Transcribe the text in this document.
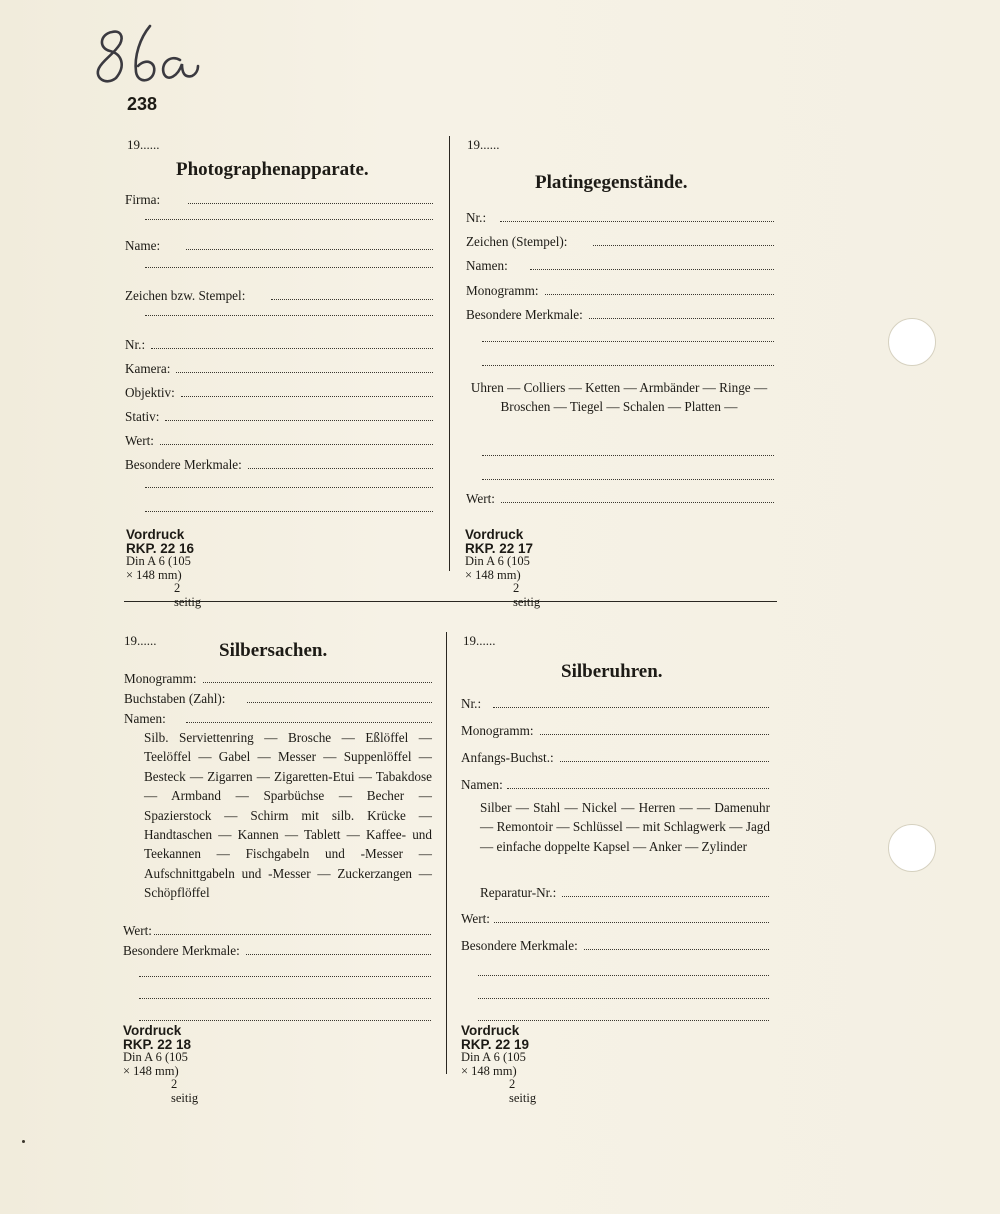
238
19......
Photographenapparate.
Firma:
Name:
Zeichen bzw. Stempel:
Nr.:
Kamera:
Objektiv:
Stativ:
Wert:
Besondere Merkmale:
Vordruck RKP. 22 16
Din A 6 (105 × 148 mm)
2 seitig
19......
Platingegenstände.
Nr.:
Zeichen (Stempel):
Namen:
Monogramm:
Besondere Merkmale:
Uhren — Colliers — Ketten — Armbänder — Ringe — Broschen — Tiegel — Schalen — Platten —
Wert:
Vordruck RKP. 22 17
Din A 6 (105 × 148 mm)
2 seitig
19......	Silbersachen.
Monogramm:
Buchstaben (Zahl):
Namen:
Silb. Serviettenring — Brosche — Eßlöffel — Teelöffel — Gabel — Messer — Suppenlöffel — Besteck — Zigarren — Zigaretten-Etui — Tabakdose — Armband — Sparbüchse — Becher — Spazierstock — Schirm mit silb. Krücke — Handtaschen — Kannen — Tablett — Kaffee- und Teekannen — Fischgabeln und -Messer — Aufschnittgabeln und -Messer — Zuckerzangen — Schöpflöffel
Wert:
Besondere Merkmale:
Vordruck RKP. 22 18
Din A 6 (105 × 148 mm)
2 seitig
19......
Silberuhren.
Nr.:
Monogramm:
Anfangs-Buchst.:
Namen:
Silber — Stahl — Nickel — Herren — — Damenuhr — Remontoir — Schlüssel — mit Schlagwerk — Jagd — einfache doppelte Kapsel — Anker — Zylinder
Reparatur-Nr.:
Wert:
Besondere Merkmale:
Vordruck RKP. 22 19
Din A 6 (105 × 148 mm)
2 seitig
